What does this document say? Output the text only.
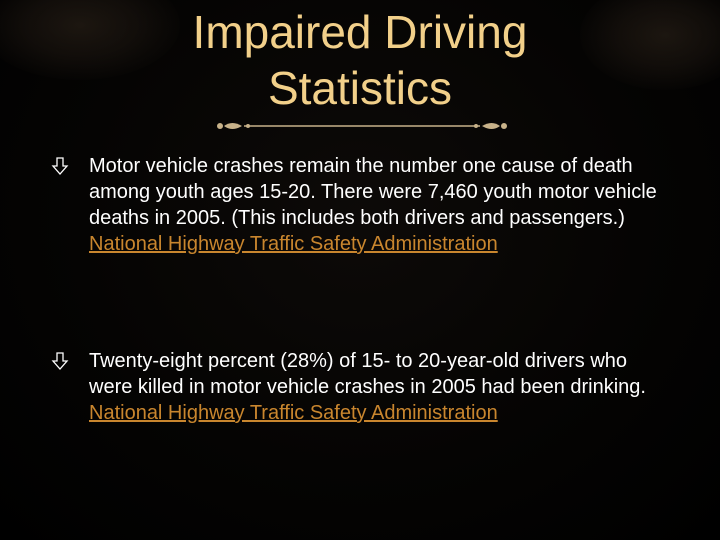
Impaired Driving
Statistics

Motor vehicle crashes remain the number one cause of death among youth ages 15-20. There were 7,460 youth motor vehicle deaths in 2005. (This includes both drivers and passengers.)

National Highway Traffic Safety Administration

Twenty-eight percent (28%) of 15- to 20-year-old drivers who were killed in motor vehicle crashes in 2005 had been drinking.

National Highway Traffic Safety Administration
